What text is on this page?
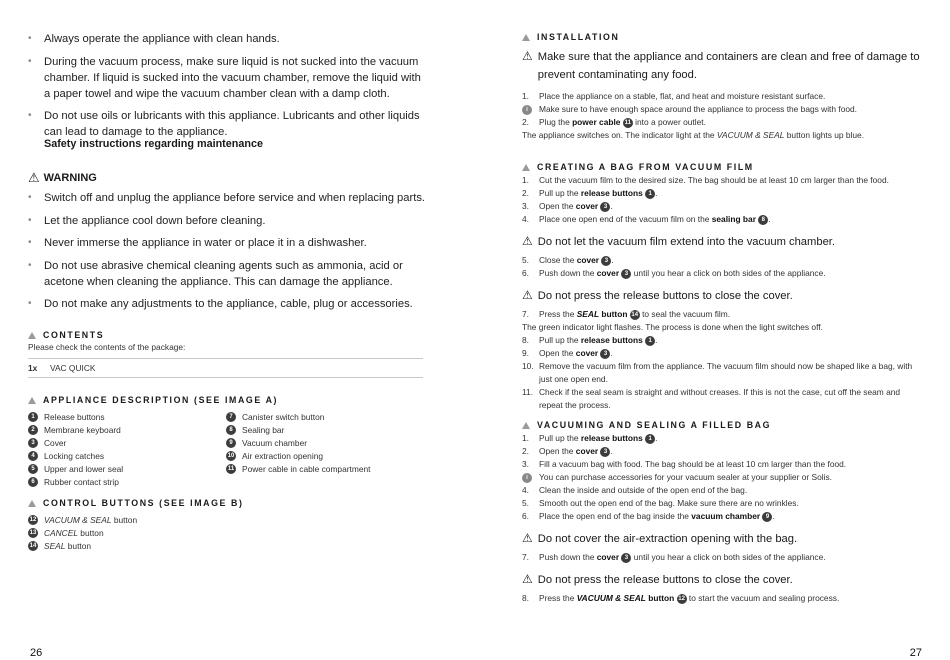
• Always operate the appliance with clean hands.
• During the vacuum process, make sure liquid is not sucked into the vacuum chamber. If liquid is sucked into the vacuum chamber, remove the liquid with a paper towel and wipe the vacuum chamber clean with a damp cloth.
• Do not use oils or lubricants with this appliance. Lubricants and other liquids can lead to damage to the appliance.
Safety instructions regarding maintenance
⚠ WARNING
• Switch off and unplug the appliance before service and when replacing parts.
• Let the appliance cool down before cleaning.
• Never immerse the appliance in water or place it in a dishwasher.
• Do not use abrasive chemical cleaning agents such as ammonia, acid or acetone when cleaning the appliance. This can damage the appliance.
• Do not make any adjustments to the appliance, cable, plug or accessories.
CONTENTS
Please check the contents of the package:
1x	VAC QUICK
APPLIANCE DESCRIPTION (SEE IMAGE A)
1	Release buttons
2	Membrane keyboard
3	Cover
4	Locking catches
5	Upper and lower seal
6	Rubber contact strip
7	Canister switch button
8	Sealing bar
9	Vacuum chamber
10 Air extraction opening
11 Power cable in cable compartment
CONTROL BUTTONS (SEE IMAGE B)
12 VACUUM & SEAL button
13 CANCEL button
14 SEAL button
26
INSTALLATION
⚠ Make sure that the appliance and containers are clean and free of damage to prevent contaminating any food.
1.	Place the appliance on a stable, flat, and heat and moisture resistant surface.
i	Make sure to have enough space around the appliance to process the bags with food.
2.	Plug the power cable 11 into a power outlet.
The appliance switches on. The indicator light at the VACUUM & SEAL button lights up blue.
CREATING A BAG FROM VACUUM FILM
1.	Cut the vacuum film to the desired size. The bag should be at least 10 cm larger than the food.
2.	Pull up the release buttons 1 .
3.	Open the cover 3 .
4.	Place one open end of the vacuum film on the sealing bar 8 .
⚠ Do not let the vacuum film extend into the vacuum chamber.
5.	Close the cover 3 .
6.	Push down the cover 3 until you hear a click on both sides of the appliance.
⚠ Do not press the release buttons to close the cover.
7.	Press the SEAL button 14 to seal the vacuum film.
The green indicator light flashes. The process is done when the light switches off.
8.	Pull up the release buttons 1 .
9.	Open the cover 3 .
10. Remove the vacuum film from the appliance. The vacuum film should now be shaped like a bag, with just one open end.
11. Check if the seal seam is straight and without creases. If this is not the case, cut off the seam and repeat the process.
VACUUMING AND SEALING A FILLED BAG
1.	Pull up the release buttons 1 .
2.	Open the cover 3 .
3.	Fill a vacuum bag with food. The bag should be at least 10 cm larger than the food.
i	You can purchase accessories for your vacuum sealer at your supplier or Solis.
4.	Clean the inside and outside of the open end of the bag.
5.	Smooth out the open end of the bag. Make sure there are no wrinkles.
6.	Place the open end of the bag inside the vacuum chamber 9 .
⚠ Do not cover the air-extraction opening with the bag.
7.	Push down the cover 3 until you hear a click on both sides of the appliance.
⚠ Do not press the release buttons to close the cover.
8.	Press the VACUUM & SEAL button 12 to start the vacuum and sealing process.
27
